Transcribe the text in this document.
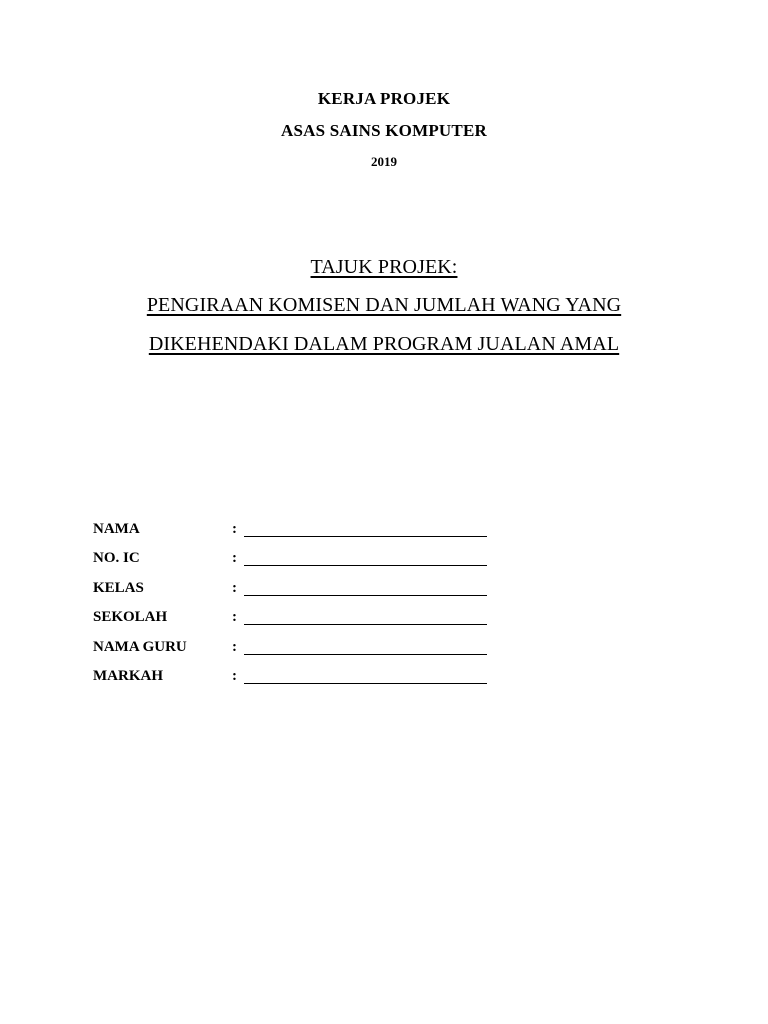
KERJA PROJEK
ASAS SAINS KOMPUTER
2019
TAJUK PROJEK:
PENGIRAAN KOMISEN DAN JUMLAH WANG YANG
DIKEHENDAKI DALAM PROGRAM JUALAN AMAL
NAMA	:
NO. IC	:
KELAS	:
SEKOLAH	:
NAMA GURU	:
MARKAH	:
